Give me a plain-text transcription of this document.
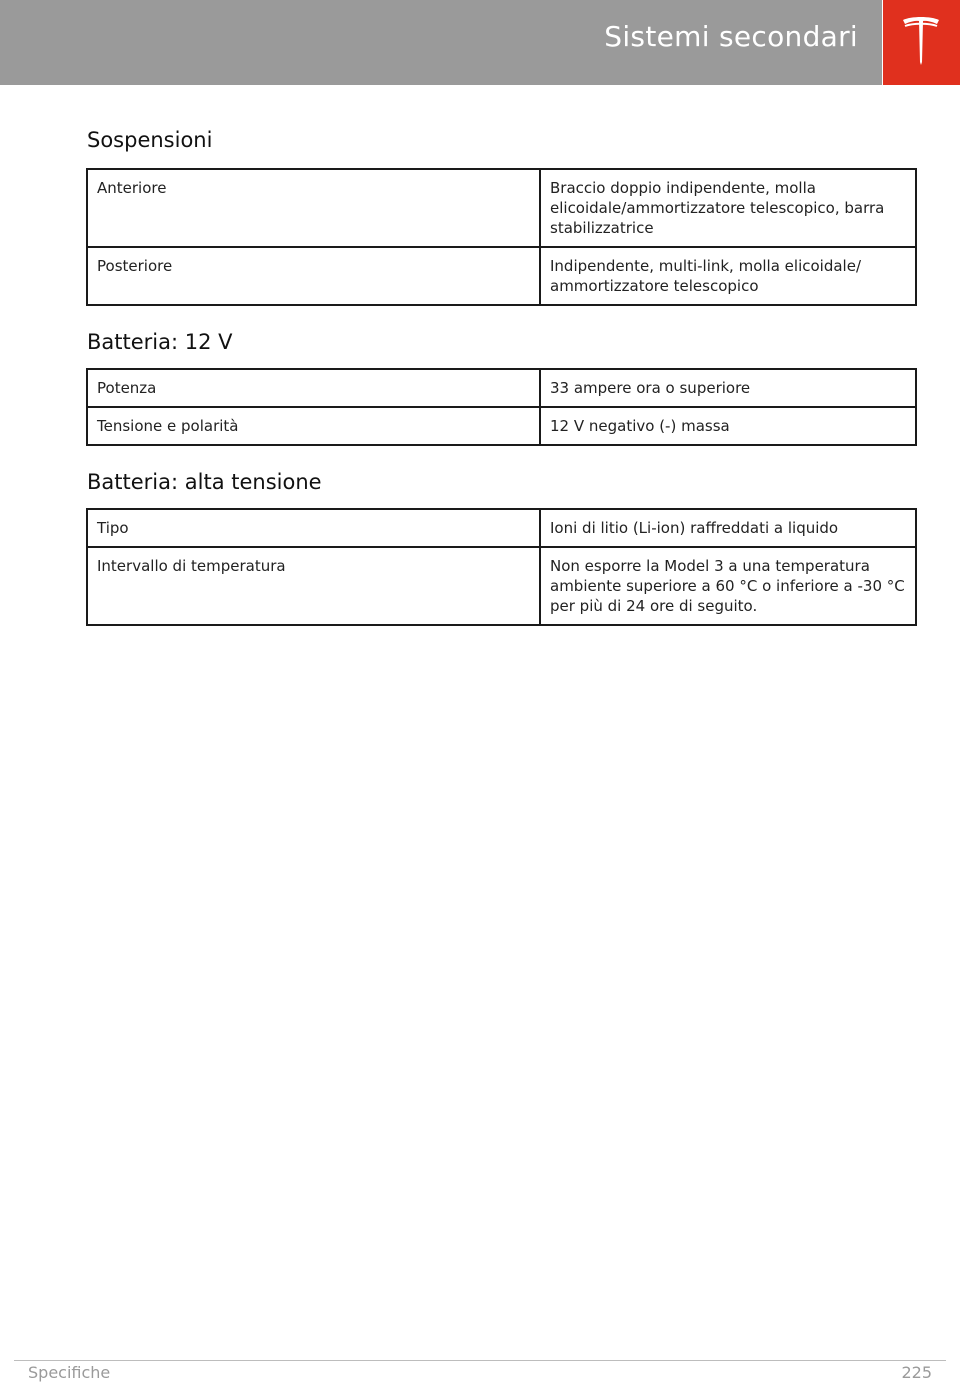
Sistemi secondari
Sospensioni
Anteriore	Braccio doppio indipendente, molla elicoidale/ammortizzatore telescopico, barra stabilizzatrice
Posteriore	Indipendente, multi-link, molla elicoidale/ ammortizzatore telescopico
Batteria: 12 V
Potenza	33 ampere ora o superiore
Tensione e polarità	12 V negativo (-) massa
Batteria: alta tensione
Tipo	Ioni di litio (Li-ion) raffreddati a liquido
Intervallo di temperatura	Non esporre la Model 3 a una temperatura ambiente superiore a 60 °C o inferiore a -30 °C per più di 24 ore di seguito.
Specifiche	225
